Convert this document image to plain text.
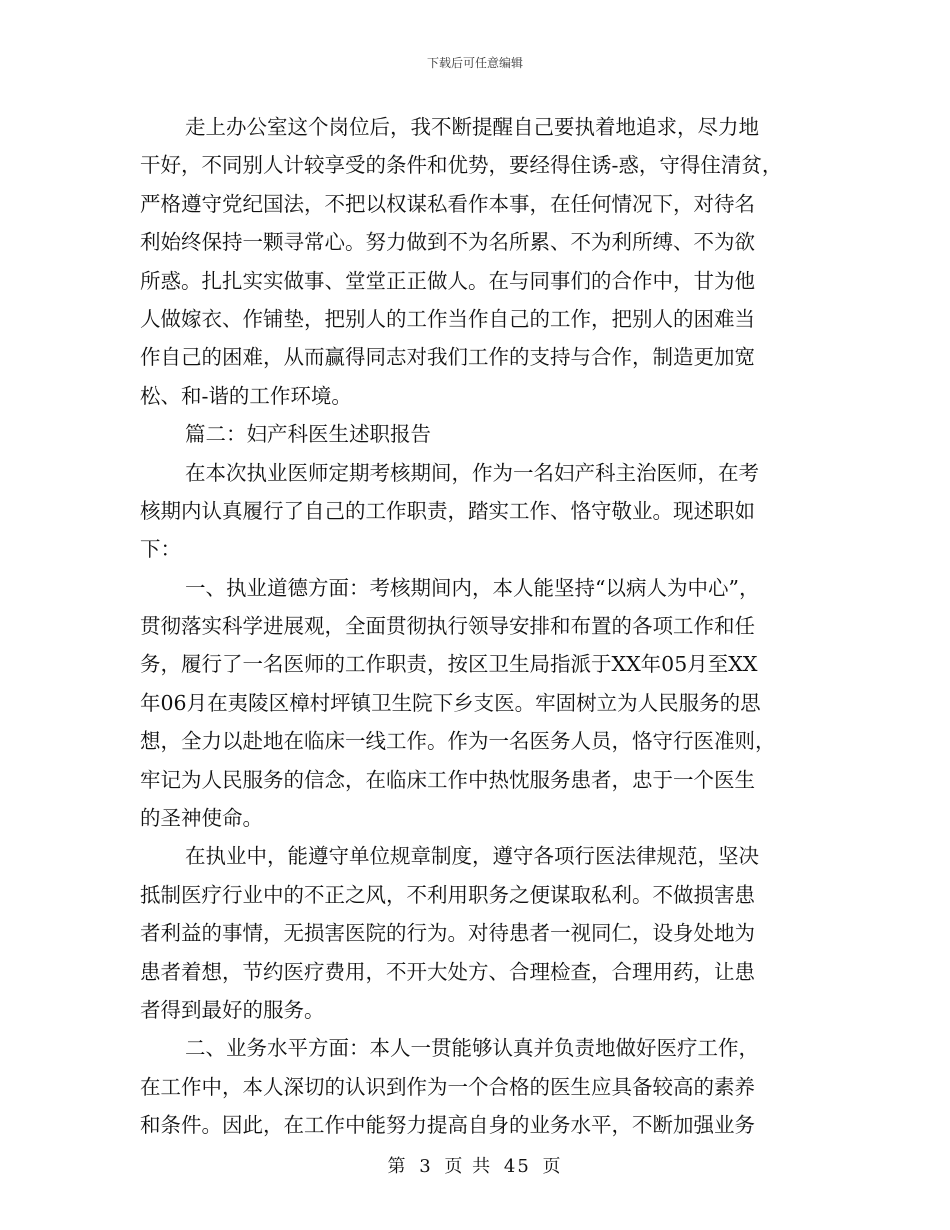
下载后可任意编辑
走上办公室这个岗位后，我不断提醒自己要执着地追求，尽力地
干好，不同别人计较享受的条件和优势，要经得住诱-惑，守得住清贫，
严格遵守党纪国法，不把以权谋私看作本事，在任何情况下，对待名
利始终保持一颗寻常心。努力做到不为名所累、不为利所缚、不为欲
所惑。扎扎实实做事、堂堂正正做人。在与同事们的合作中，甘为他
人做嫁衣、作铺垫，把别人的工作当作自己的工作，把别人的困难当
作自己的困难，从而赢得同志对我们工作的支持与合作，制造更加宽
松、和-谐的工作环境。
篇二：妇产科医生述职报告
在本次执业医师定期考核期间，作为一名妇产科主治医师，在考
核期内认真履行了自己的工作职责，踏实工作、恪守敬业。现述职如
下：
一、执业道德方面：考核期间内，本人能坚持“以病人为中心”，
贯彻落实科学进展观，全面贯彻执行领导安排和布置的各项工作和任
务，履行了一名医师的工作职责，按区卫生局指派于XX年05月至XX
年06月在夷陵区樟村坪镇卫生院下乡支医。牢固树立为人民服务的思
想，全力以赴地在临床一线工作。作为一名医务人员，恪守行医准则，
牢记为人民服务的信念，在临床工作中热忱服务患者，忠于一个医生
的圣神使命。
在执业中，能遵守单位规章制度，遵守各项行医法律规范，坚决
抵制医疗行业中的不正之风，不利用职务之便谋取私利。不做损害患
者利益的事情，无损害医院的行为。对待患者一视同仁，设身处地为
患者着想，节约医疗费用，不开大处方、合理检查，合理用药，让患
者得到最好的服务。
二、业务水平方面：本人一贯能够认真并负责地做好医疗工作，
在工作中，本人深切的认识到作为一个合格的医生应具备较高的素养
和条件。因此，在工作中能努力提高自身的业务水平，不断加强业务
第 3 页 共 45 页
